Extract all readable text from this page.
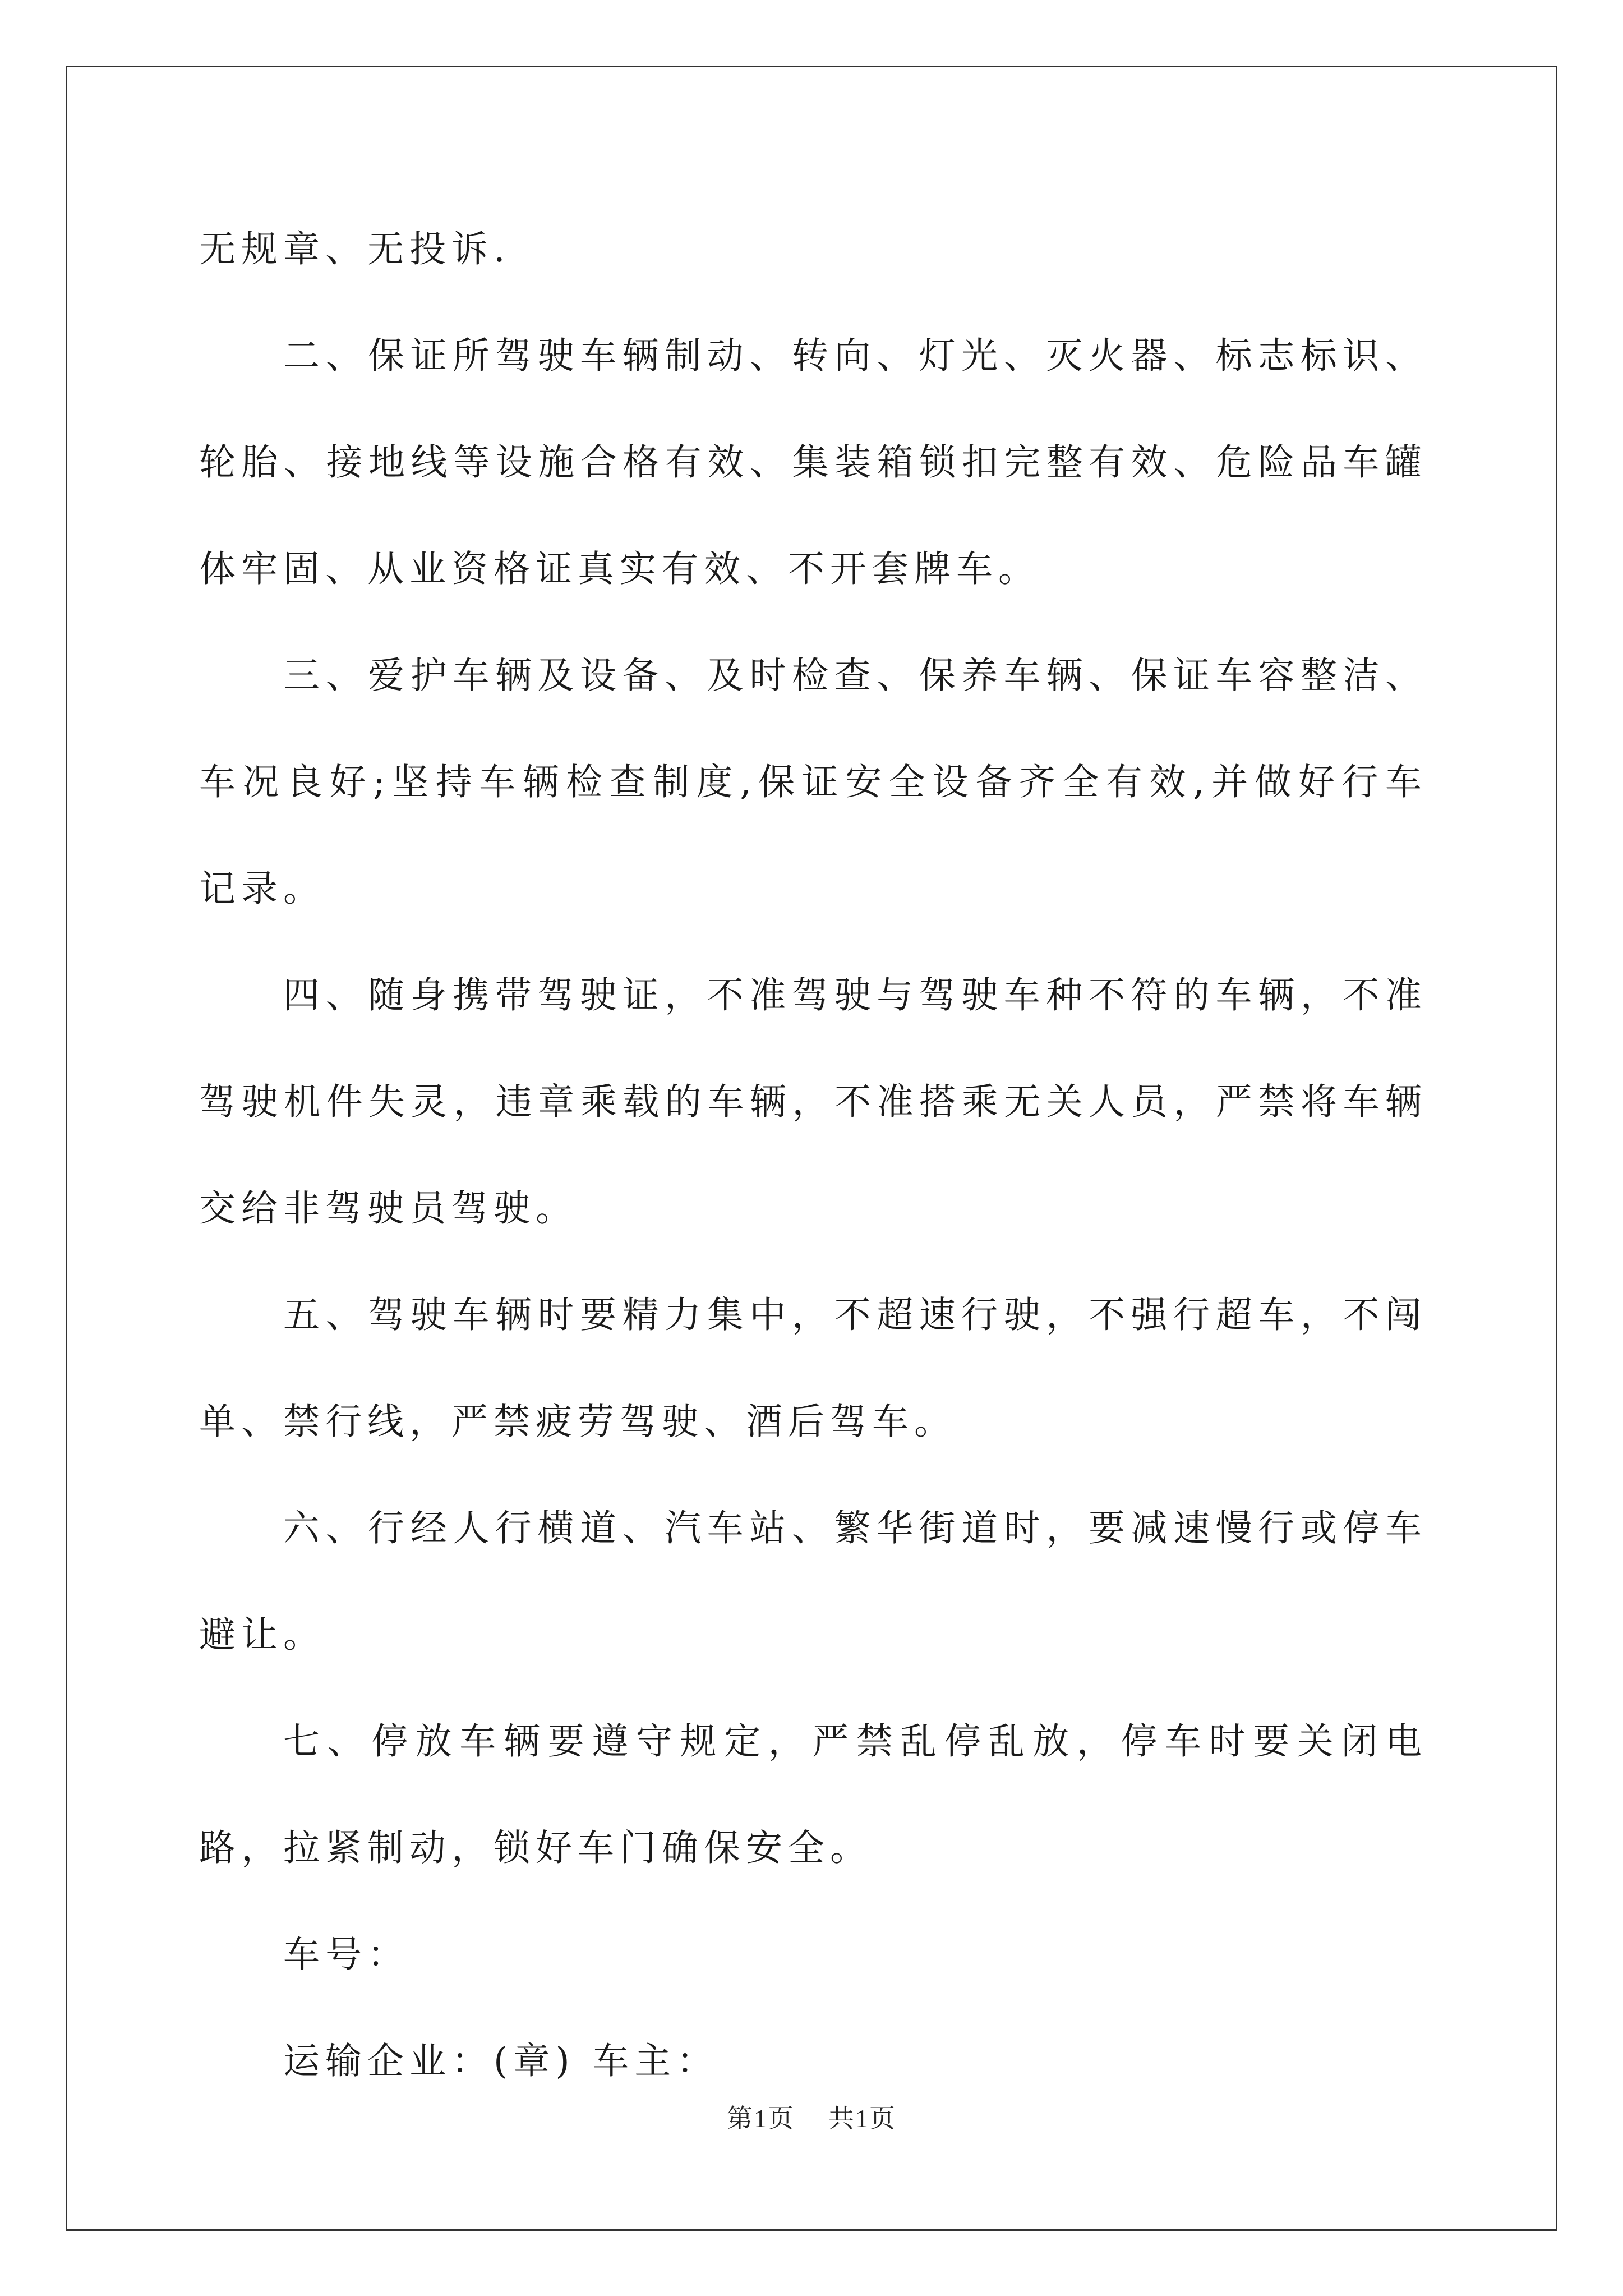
无规章、无投诉.

二、保证所驾驶车辆制动、转向、灯光、灭火器、标志标识、轮胎、接地线等设施合格有效、集装箱锁扣完整有效、危险品车罐体牢固、从业资格证真实有效、不开套牌车。

三、爱护车辆及设备、及时检查、保养车辆、保证车容整洁、车况良好;坚持车辆检查制度,保证安全设备齐全有效,并做好行车记录。

四、随身携带驾驶证，不准驾驶与驾驶车种不符的车辆，不准驾驶机件失灵，违章乘载的车辆，不准搭乘无关人员，严禁将车辆交给非驾驶员驾驶。

五、驾驶车辆时要精力集中，不超速行驶，不强行超车，不闯单、禁行线，严禁疲劳驾驶、酒后驾车。

六、行经人行横道、汽车站、繁华街道时，要减速慢行或停车避让。

七、停放车辆要遵守规定，严禁乱停乱放，停车时要关闭电路，拉紧制动，锁好车门确保安全。

车号：

运输企业：(章) 车主：

第1页 共1页
